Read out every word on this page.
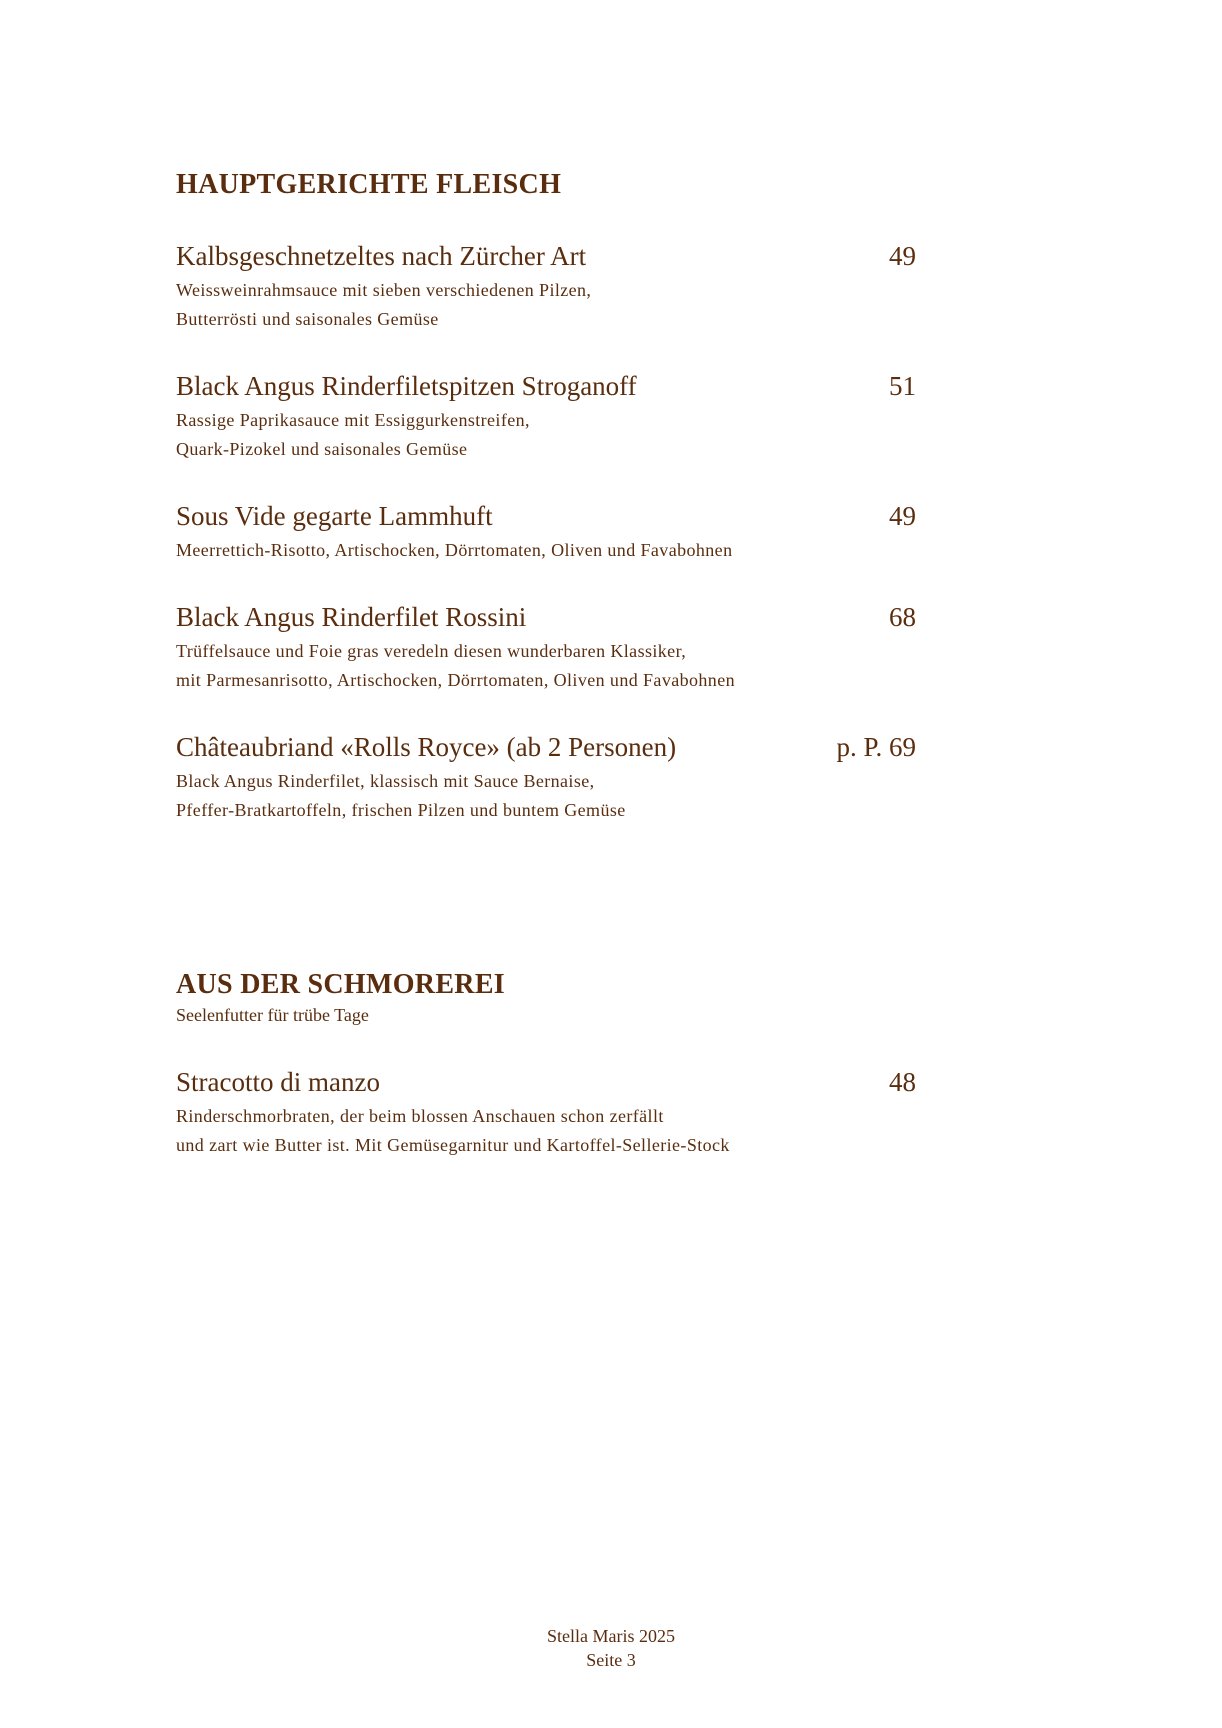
HAUPTGERICHTE FLEISCH
Kalbsgeschnetzeltes nach Zürcher Art	49
Weissweinrahmsauce mit sieben verschiedenen Pilzen,
Butterrösti und saisonales Gemüse
Black Angus Rinderfiletspitzen Stroganoff	51
Rassige Paprikasauce mit Essiggurkenstreifen,
Quark-Pizokel und saisonales Gemüse
Sous Vide gegarte Lammhuft	49
Meerrettich-Risotto, Artischocken, Dörrtomaten, Oliven und Favabohnen
Black Angus Rinderfilet Rossini	68
Trüffelsauce und Foie gras veredeln diesen wunderbaren Klassiker,
mit Parmesanrisotto, Artischocken, Dörrtomaten, Oliven und Favabohnen
Châteaubriand «Rolls Royce» (ab 2 Personen)	p. P. 69
Black Angus Rinderfilet, klassisch mit Sauce Bernaise,
Pfeffer-Bratkartoffeln, frischen Pilzen und buntem Gemüse
AUS DER SCHMOREREI

Seelenfutter für trübe Tage

Stracotto di manzo	48
Rinderschmorbraten, der beim blossen Anschauen schon zerfällt
und zart wie Butter ist. Mit Gemüsegarnitur und Kartoffel-Sellerie-Stock
Stella Maris 2025
Seite 3
